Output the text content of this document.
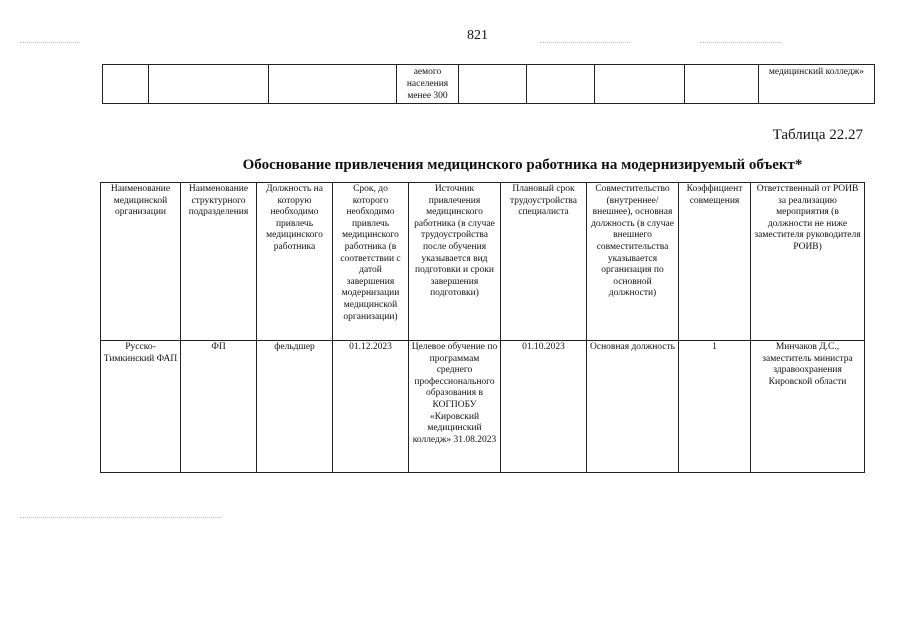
821
			аемого населения менее 300					медицинский колледж»
Таблица 22.27
Обоснование привлечения медицинского работника на модернизируемый объект*
Наименование медицинской организации	Наименование структурного подразделения	Должность на которую необходимо привлечь медицинского работника	Срок, до которого необходимо привлечь медицинского работника (в соответствии с датой завершения модернизации медицинской организации)	Источник привлечения медицинского работника (в случае трудоустройства после обучения указывается вид подготовки и сроки завершения подготовки)	Плановый срок трудоустройства специалиста	Совместительство (внутреннее/внешнее), основная должность (в случае внешнего совместительства указывается организация по основной должности)	Коэффициент совмещения	Ответственный от РОИВ за реализацию мероприятия (в должности не ниже заместителя руководителя РОИВ)
Русско-Тимкинский ФАП	ФП	фельдшер	01.12.2023	Целевое обучение по программам среднего профессионального образования в КОГПОБУ «Кировский медицинский колледж» 31.08.2023	01.10.2023	Основная должность	1	Минчаков Д.С., заместитель министра здравоохранения Кировской области
